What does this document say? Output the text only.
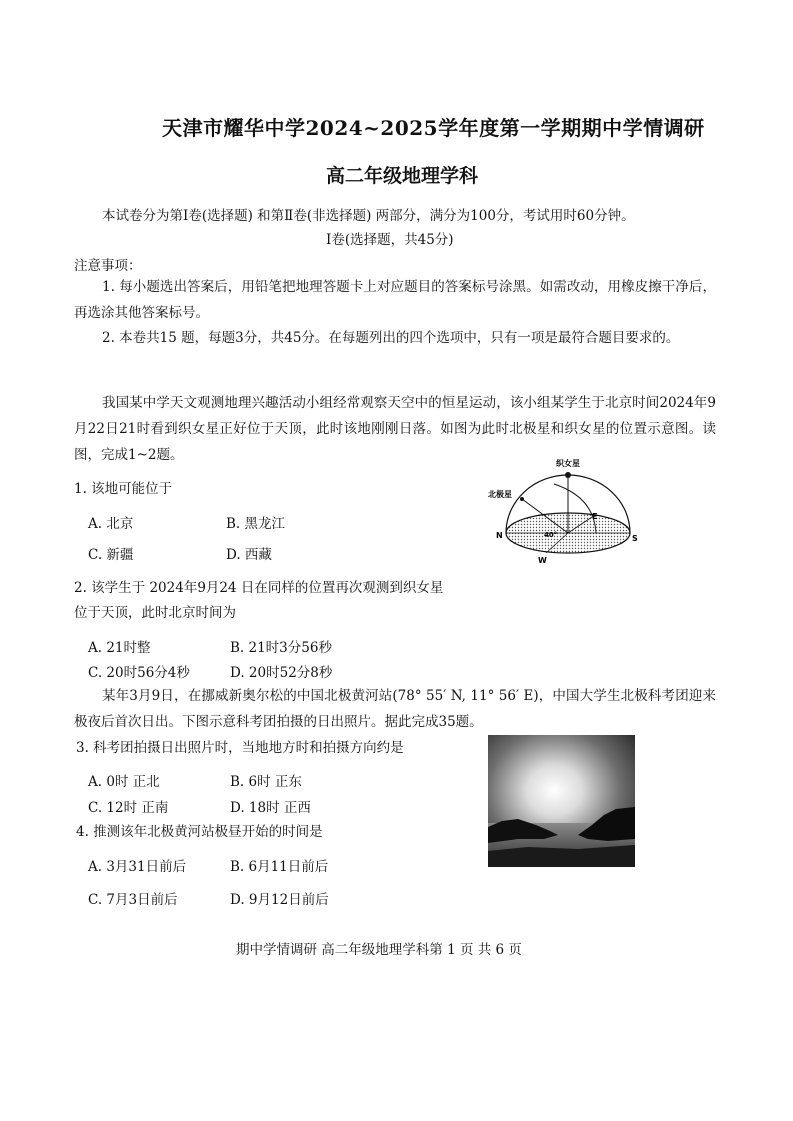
天津市耀华中学2024~2025学年度第一学期期中学情调研
高二年级地理学科
本试卷分为第Ⅰ卷(选择题) 和第Ⅱ卷(非选择题) 两部分，满分为100分，考试用时60分钟。
Ⅰ卷(选择题，共45分)
注意事项：
1. 每小题选出答案后，用铅笔把地理答题卡上对应题目的答案标号涂黑。如需改动，用橡皮擦干净后，再选涂其他答案标号。
2. 本卷共15 题，每题3分，共45分。在每题列出的四个选项中，只有一项是最符合题目要求的。
我国某中学天文观测地理兴趣活动小组经常观察天空中的恒星运动，该小组某学生于北京时间2024年9月22日21时看到织女星正好位于天顶，此时该地刚刚日落。如图为此时北极星和织女星的位置示意图。读图，完成1~2题。
织女星
北极星
N	S
E
W
40°
1. 该地可能位于
A. 北京	B. 黑龙江
C. 新疆	D. 西藏
2. 该学生于 2024年9月24 日在同样的位置再次观测到织女星
位于天顶，此时北京时间为
A. 21时整	B. 21时3分56秒
C. 20时56分4秒	D. 20时52分8秒
某年3月9日，在挪威新奥尔松的中国北极黄河站(78° 55′ N, 11° 56′ E)，中国大学生北极科考团迎来极夜后首次日出。下图示意科考团拍摄的日出照片。据此完成35题。
3. 科考团拍摄日出照片时，当地地方时和拍摄方向约是
A. 0时 正北	B. 6时 正东
C. 12时 正南	D. 18时 正西
4. 推测该年北极黄河站极昼开始的时间是
A. 3月31日前后	B. 6月11日前后
C. 7月3日前后	D. 9月12日前后
期中学情调研 高二年级地理学科第 1 页 共 6 页
